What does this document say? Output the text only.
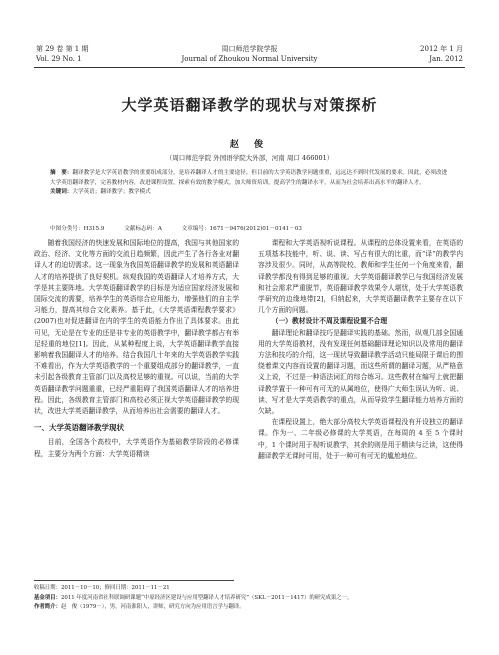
第 29 卷 第 1 期
Vol. 29 No. 1
周口师范学院学报
Journal of Zhoukou Normal University
2012 年 1 月
Jan. 2012
大学英语翻译教学的现状与对策探析
赵 俊
（周口师范学院 外国语学院大外部，河南 周口 466001）
摘　要：翻译教学是大学英语教学的重要组成部分，是培养翻译人才的主要途径。但目前的大学英语教学问题重重，远远达不到时代发展的要求。因此，必须改进大学英语翻译教学，完善教材内容，改进课程设置，探索有效的教学模式，加大师资培训，提高学生的翻译水平，从而为社会培养出高水平的翻译人才。
关键词：大学英语；翻译教学；教学模式
中图分类号：H315.9	文献标志码：A	文章编号：1671－9476(2012)01－0141－03

随着我国经济的快速发展和国际地位的提高，我国与其他国家的政治、经济、文化等方面的交流日趋频繁，因此产生了各行各业对翻译人才的迫切需求。这一现象为我国英语翻译教学的发展和英语翻译人才的培养提供了良好契机。纵观我国的英语翻译人才培养方式，大学是其主要阵地。大学英语翻译教学的目标是为适应国家经济发展和国际交流的需要，培养学生的英语综合应用能力，增强他们的自主学习能力，提高其综合文化素养。基于此，《大学英语课程教学要求》(2007)也对促进翻译在内的学生的英语能力作出了具体要求。由此可见，无论是在专业的还是非专业的英语教学中，翻译教学都占有举足轻重的地位[1]。因此，从某种程度上说，大学英语翻译教学直接影响着我国翻译人才的培养。结合我国几十年来的大学英语教学实践不难看出，作为大学英语教学的一个重要组成部分的翻译教学，一直未引起各级教育主管部门以及高校足够的重视。可以说，当前的大学英语翻译教学问题重重，已经严重阻碍了我国英语翻译人才的培养进程。因此，各级教育主管部门和高校必须正视大学英语翻译教学的现状，改进大学英语翻译教学，从而培养出社会需要的翻译人才。

一、大学英语翻译教学现状

目前，全国各个高校中，大学英语作为基础教学阶段的必修课程，主要分为两个方面：大学英语精读

课程和大学英语视听说课程。从课程的总体设置来看，在英语的五项基本技能中，听、说、读、写占有很大的比重，而“译”的教学内容涉及很少。同时，从高等院校、教师和学生任何一个角度来看，翻译教学都没有得到足够的重视。大学英语翻译教学已与我国经济发展和社会需求严重脱节，英语翻译教学效果令人堪忧，处于大学英语教学研究的边缘地带[2]，归纳起来，大学英语翻译教学主要存在以下几个方面的问题。

（一）教材设计不周及课程设置不合理

翻译理论和翻译技巧是翻译实践的基础。然而，纵观几部全国通用的大学英语教材，没有发现任何基础翻译理论知识以及常用的翻译方法和技巧的介绍，这一现状导致翻译教学活动只能局限于课后的围绕着课文内容而设置的翻译习题，而这些所谓的翻译习题，从严格意义上说，不过是一种语法词汇的综合练习。这些教材在编写上就把翻译教学置于一种可有可无的从属地位，使得广大师生误认为听、说、读、写才是大学英语教学的重点，从而导致学生翻译能力培养方面的欠缺。

在课程设置上，绝大部分高校大学英语课程没有开设独立的翻译课。作为一、二年级必修课的大学英语，在每周的 4 至 5 个课时中，1 个课时用于视听说教学，其余的则是用于精读与泛读，这使得翻译教学无课时可用，处于一种可有可无的尴尬地位。

收稿日期：2011－10－10；修回日期：2011－11－21
基金项目：2011 年度河南省社科联调研课题“中原经济区建设与应用型翻译人才培养研究”（SKL－2011－1417）的研究成果之一。
作者简介：赵　俊（1979－），男，河南淮阳人，讲师，研究方向为应用语言学与翻译。
